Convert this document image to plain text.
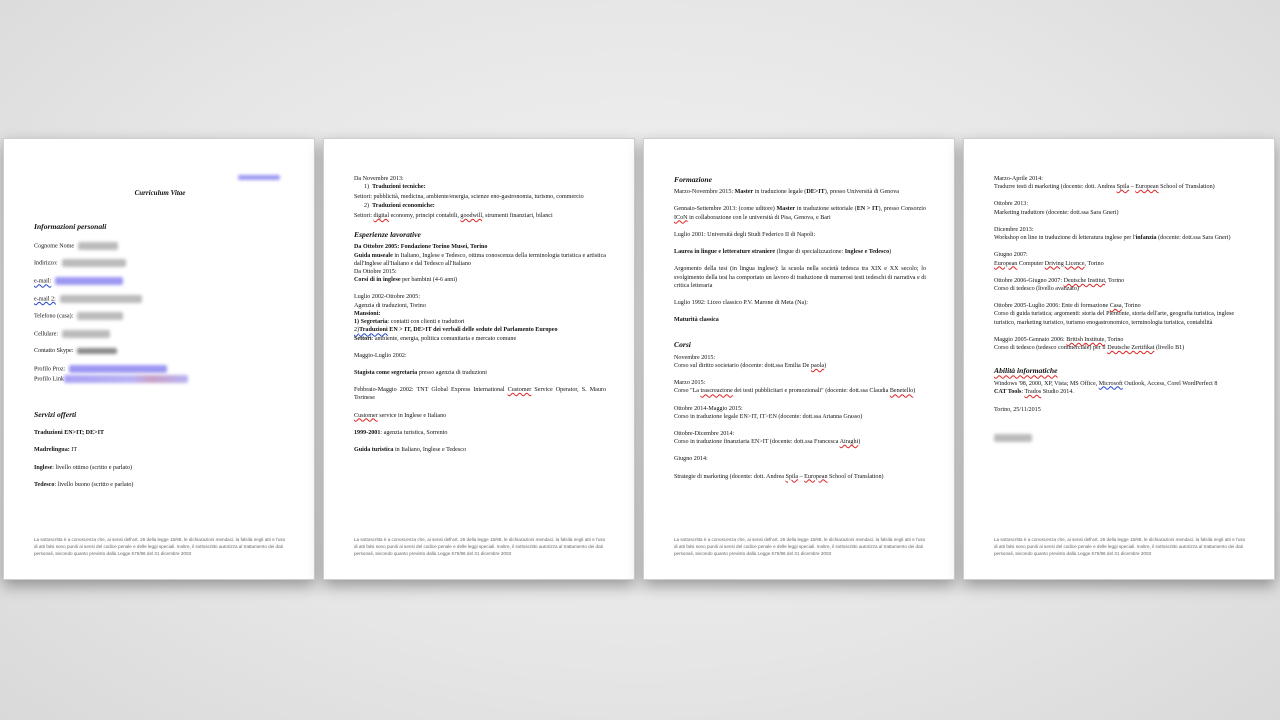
Curriculum Vitae
Informazioni personali
Cognome Nome
Indirizzo:
e-mail:
e-mail 2:
Telefono (casa):
Cellulare:
Contatto Skype:
Profilo Proz:
Profilo Link
Servizi offerti
Traduzioni EN>IT; DE>IT
Madrelingua: IT
Inglese: livello ottimo (scritto e parlato)
Tedesco: livello buono (scritto e parlato)
La sottoscritta è a conoscenza che, ai sensi dell'art. 26 della legge 15/68, le dichiarazioni mendaci, la falsità negli atti e l'uso di atti falsi sono puniti ai sensi del codice penale e delle leggi speciali. Inoltre, il sottoscritto autorizza al trattamento dei dati personali, secondo quanto previsto dalla Legge 675/96 del 31 dicembre 2003
Da Novembre 2013:
1) Traduzioni tecniche:
Settori: pubblicità, medicina, ambiente/energia, scienze eno-gastronomia, turismo, commercio
2) Traduzioni economiche:
Settori: digital economy, principi contabili, goodwill, strumenti finanziari, bilanci
Esperienze lavorative
Da Ottobre 2005: Fondazione Torino Musei, Torino
Guida museale in Italiano, Inglese e Tedesco, ottima conoscenza della terminologia turistica e artistica dall'Inglese all'Italiano e dal Tedesco all'Italiano
Da Ottobre 2015:
Corsi di in inglese per bambini (4-6 anni)
Luglio 2002-Ottobre 2005:
Agenzia di traduzioni, Torino
Mansioni:
1) Segretaria: contatti con clienti e traduttori
2)Traduzioni EN > IT, DE>IT dei verbali delle sedute del Parlamento Europeo
Settori: ambiente, energia, politica comunitaria e mercato comune
Maggio-Luglio 2002:
Stagista come segretaria presso agenzia di traduzioni
Febbraio-Maggio 2002: TNT Global Express International Customer Service Operator, S. Mauro Torinese
Customer service in Inglese e Italiano
1999-2001: agenzia turistica, Sorrento
Guida turistica in Italiano, Inglese e Tedesco
La sottoscritta è a conoscenza che, ai sensi dell'art. 26 della legge 15/68, le dichiarazioni mendaci, la falsità negli atti e l'uso di atti falsi sono puniti ai sensi del codice penale e delle leggi speciali. Inoltre, il sottoscritto autorizza al trattamento dei dati personali, secondo quanto previsto dalla Legge 675/96 del 31 dicembre 2003
Formazione
Marzo-Novembre 2015: Master in traduzione legale (DE>IT), presso Università di Genova
Gennaio-Settembre 2013: (come uditore) Master in traduzione settoriale (EN > IT), presso Consorzio ICoN in collaborazione con le università di Pisa, Genova, e Bari
Luglio 2001: Università degli Studi Federico II di Napoli:
Laurea in lingue e letterature straniere (lingue di specializzazione: Inglese e Tedesco)
Argomento della tesi (in lingua inglese): la scuola nella società tedesca tra XIX e XX secolo; lo svolgimento della tesi ha comportato un lavoro di traduzione di numerosi testi tedeschi di narrativa e di critica letteraria
Luglio 1992: Liceo classico P.V. Marone di Meta (Na):
Maturità classica
Corsi
Novembre 2015:
Corso sul diritto societario (docente: dott.ssa Emilia De paola)
Marzo 2015:
Corso "La trascreazione dei testi pubblicitari e promozionali" (docente: dott.ssa Claudia Benetello)
Ottobre 2014-Maggio 2015:
Corso in traduzione legale EN>IT, IT>EN (docente: dott.ssa Arianna Grasso)
Ottobre-Dicembre 2014:
Corso in traduzione finanziaria EN>IT (docente: dott.ssa Francesca Airaghi)
Giugno 2014:
Strategie di marketing (docente: dott. Andrea Spila – European School of Translation)
La sottoscritta è a conoscenza che, ai sensi dell'art. 26 della legge 15/68, le dichiarazioni mendaci, la falsità negli atti e l'uso di atti falsi sono puniti ai sensi del codice penale e delle leggi speciali. Inoltre, il sottoscritto autorizza al trattamento dei dati personali, secondo quanto previsto dalla Legge 675/96 del 31 dicembre 2003
Marzo-Aprile 2014:
Tradurre testi di marketing (docente: dott. Andrea Spila – European School of Translation)
Ottobre 2013:
Marketing traduttore (docente: dott.ssa Sara Gneri)
Dicembre 2013:
Workshop on line in traduzione di letteratura inglese per l'infanzia (docente: dott.ssa Sara Gneri)
Giugno 2007:
European Computer Driving Licence, Torino
Ottobre 2006-Giugno 2007: Deutsche Institut, Torino
Corso di tedesco (livello avanzato)
Ottobre 2005-Luglio 2006: Ente di formazione Casa, Torino
Corso di guida turistica; argomenti: storia del Piemonte, storia dell'arte, geografia turistica, inglese turistico, marketing turistico, turismo enogastronomico, terminologia turistica, contabilità
Maggio 2005-Gennaio 2006: British Institute, Torino
Corso di tedesco (tedesco commerciale) per il Deutsche Zertifikat (livello B1)
Abilità informatiche
Windows '98, 2000, XP, Vista; MS Office, Microsoft Outlook, Access, Corel WordPerfect 8
CAT Tools: Trados Studio 2014.
Torino, 25/11/2015
La sottoscritta è a conoscenza che, ai sensi dell'art. 26 della legge 15/68, le dichiarazioni mendaci, la falsità negli atti e l'uso di atti falsi sono puniti ai sensi del codice penale e delle leggi speciali. Inoltre, il sottoscritto autorizza al trattamento dei dati personali, secondo quanto previsto dalla Legge 675/96 del 31 dicembre 2003
